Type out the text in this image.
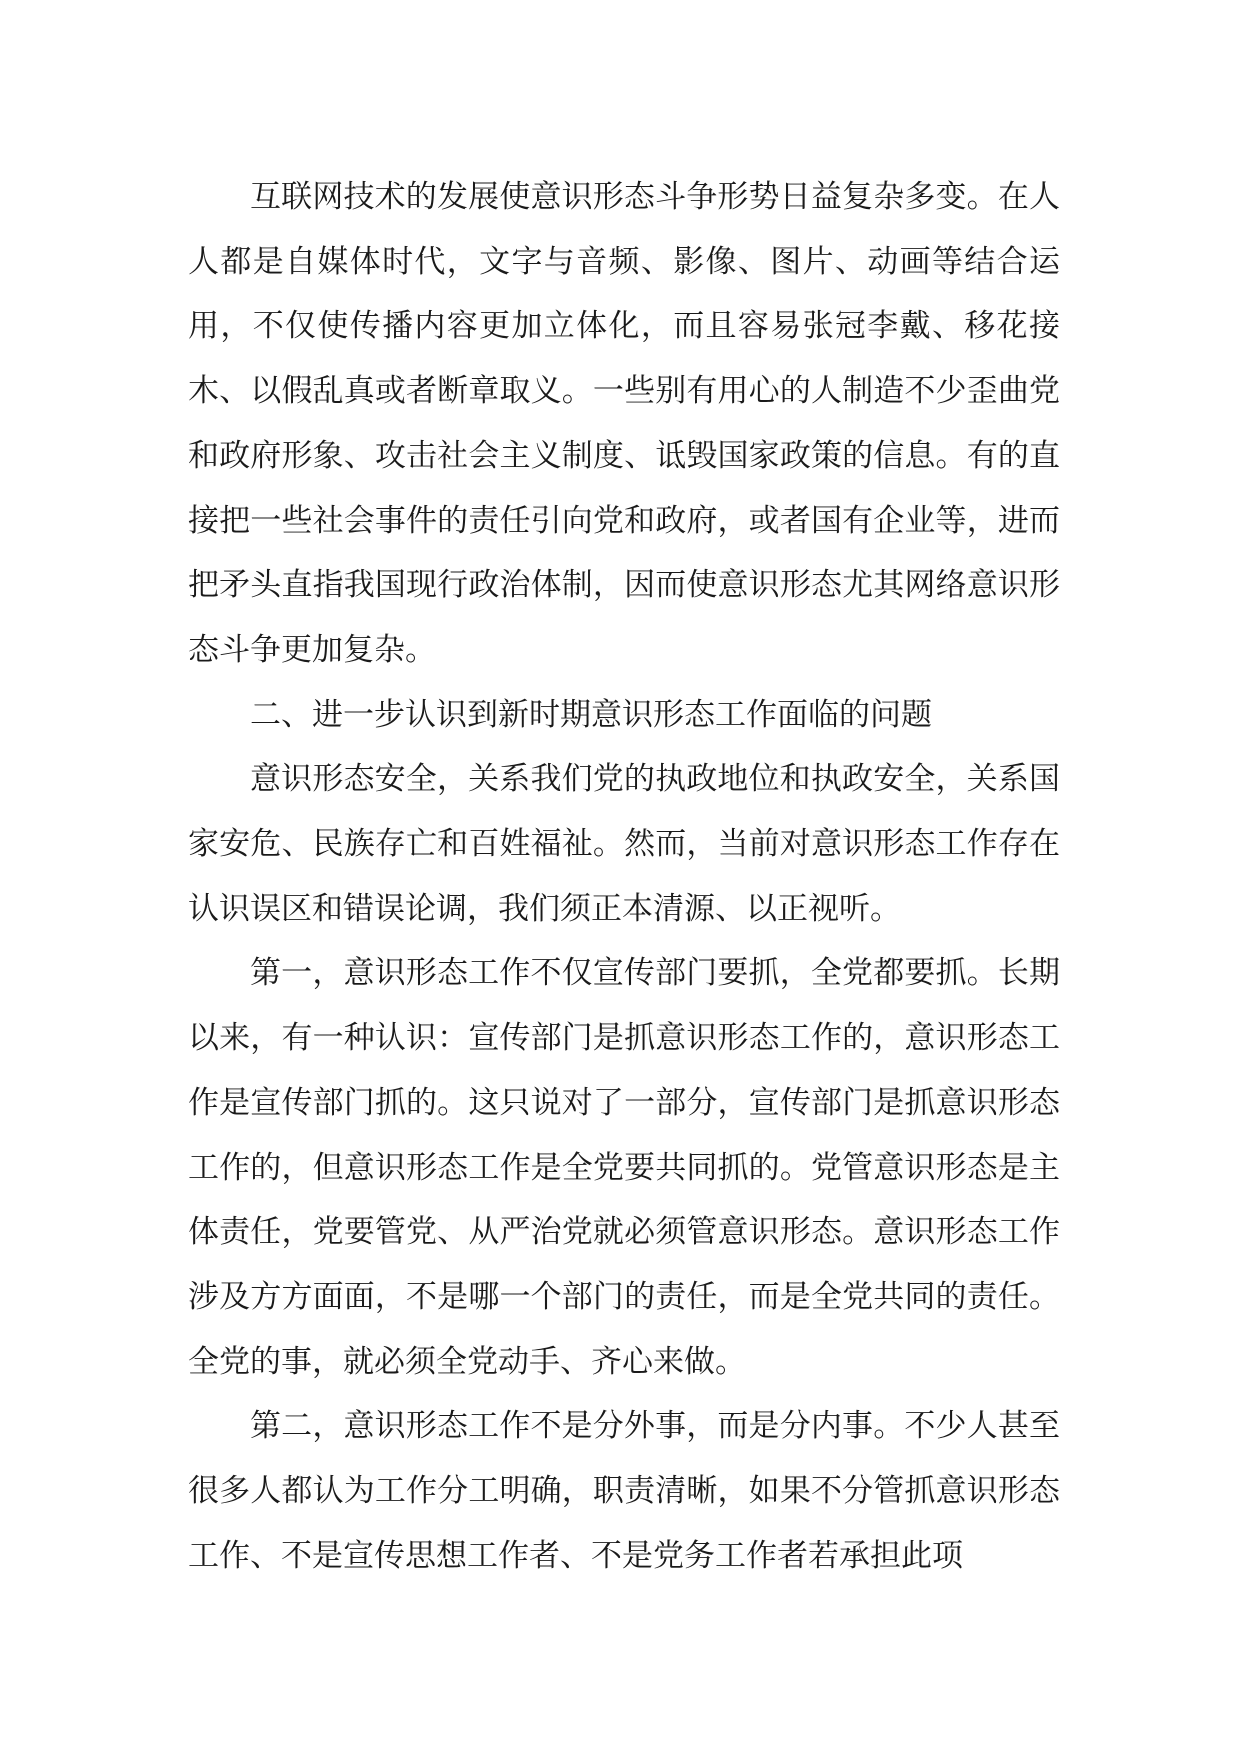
互联网技术的发展使意识形态斗争形势日益复杂多变。在人人都是自媒体时代，文字与音频、影像、图片、动画等结合运用，不仅使传播内容更加立体化，而且容易张冠李戴、移花接木、以假乱真或者断章取义。一些别有用心的人制造不少歪曲党和政府形象、攻击社会主义制度、诋毁国家政策的信息。有的直接把一些社会事件的责任引向党和政府，或者国有企业等，进而把矛头直指我国现行政治体制，因而使意识形态尤其网络意识形态斗争更加复杂。

二、进一步认识到新时期意识形态工作面临的问题

意识形态安全，关系我们党的执政地位和执政安全，关系国家安危、民族存亡和百姓福祉。然而，当前对意识形态工作存在认识误区和错误论调，我们须正本清源、以正视听。

第一，意识形态工作不仅宣传部门要抓，全党都要抓。长期以来，有一种认识：宣传部门是抓意识形态工作的，意识形态工作是宣传部门抓的。这只说对了一部分，宣传部门是抓意识形态工作的，但意识形态工作是全党要共同抓的。党管意识形态是主体责任，党要管党、从严治党就必须管意识形态。意识形态工作涉及方方面面，不是哪一个部门的责任，而是全党共同的责任。全党的事，就必须全党动手、齐心来做。

第二，意识形态工作不是分外事，而是分内事。不少人甚至很多人都认为工作分工明确，职责清晰，如果不分管抓意识形态工作、不是宣传思想工作者、不是党务工作者若承担此项
